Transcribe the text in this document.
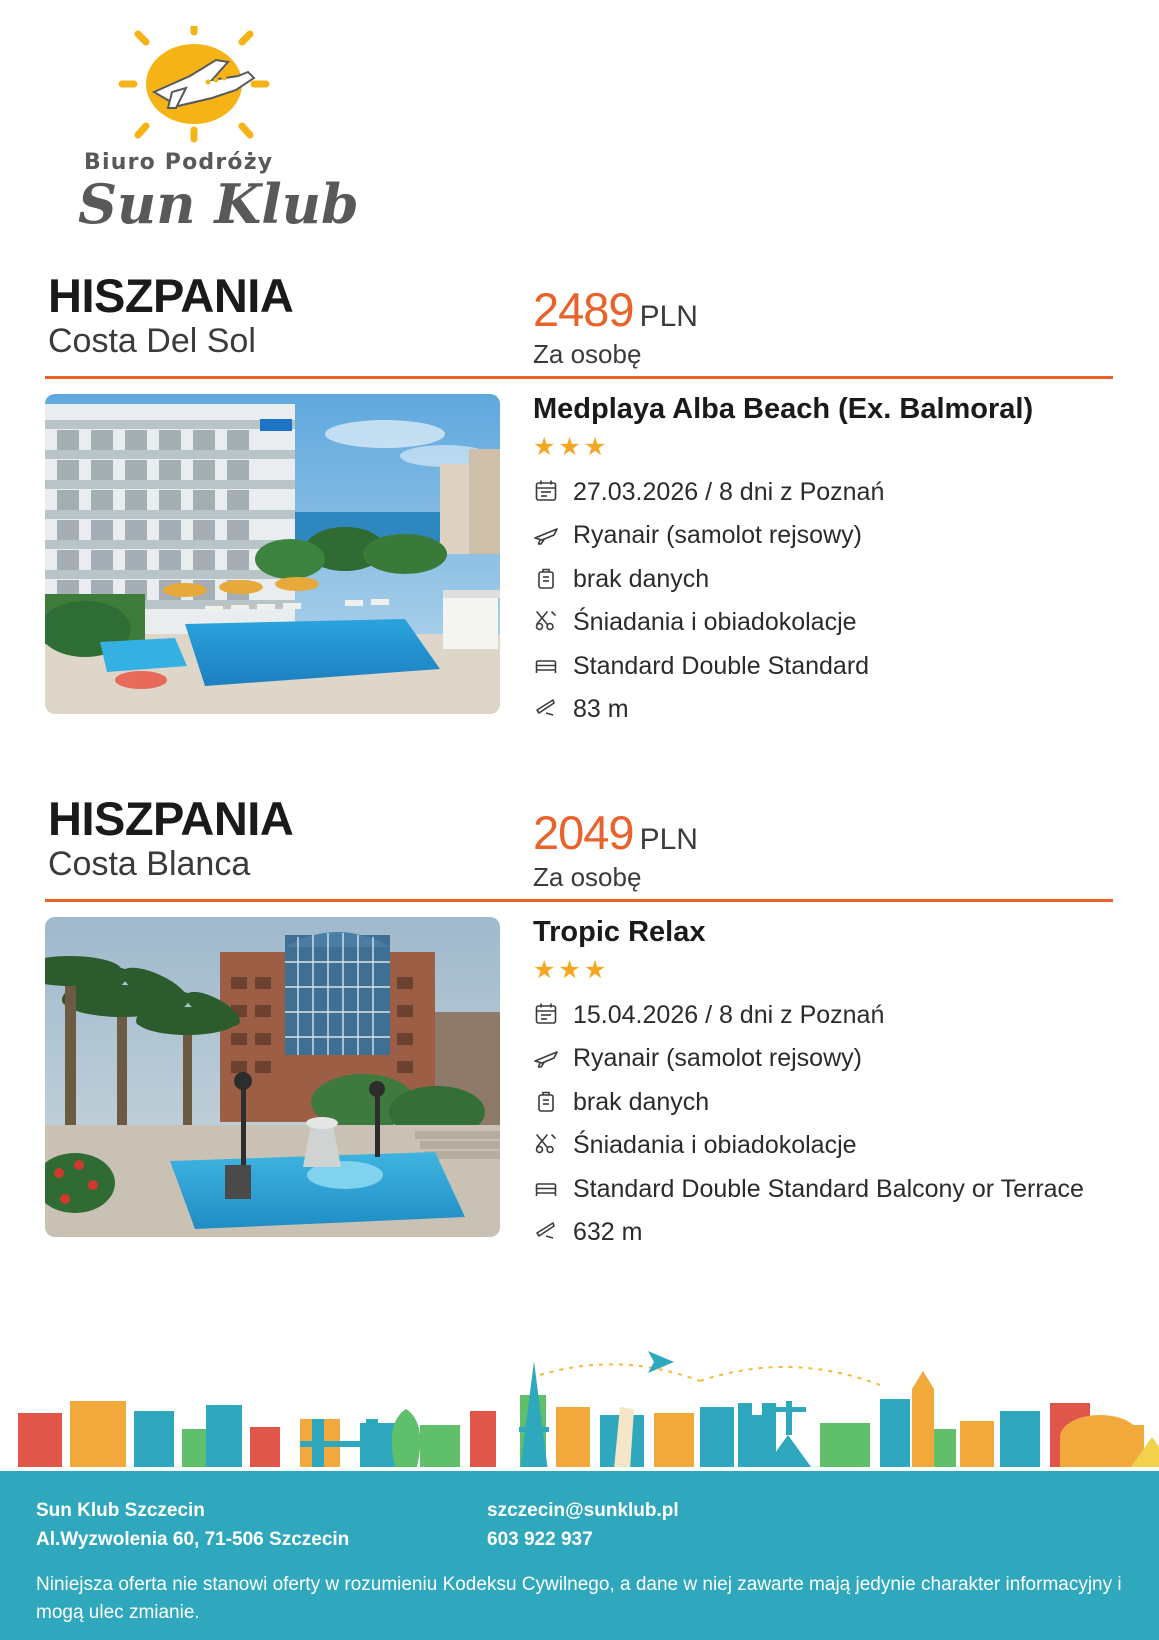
Biuro Podróży
Sun Klub
HISZPANIA
Costa Del Sol
2489 PLN
Za osobę
Medplaya Alba Beach (Ex. Balmoral)
★★★
27.03.2026 / 8 dni z Poznań
Ryanair (samolot rejsowy)
brak danych
Śniadania i obiadokolacje
Standard Double Standard
83 m
HISZPANIA
Costa Blanca
2049 PLN
Za osobę
Tropic Relax
★★★
15.04.2026 / 8 dni z Poznań
Ryanair (samolot rejsowy)
brak danych
Śniadania i obiadokolacje
Standard Double Standard Balcony or Terrace
632 m
Sun Klub Szczecin
Al.Wyzwolenia 60, 71-506 Szczecin
szczecin@sunklub.pl
603 922 937
Niniejsza oferta nie stanowi oferty w rozumieniu Kodeksu Cywilnego, a dane w niej zawarte mają jedynie charakter informacyjny i mogą ulec zmianie.
